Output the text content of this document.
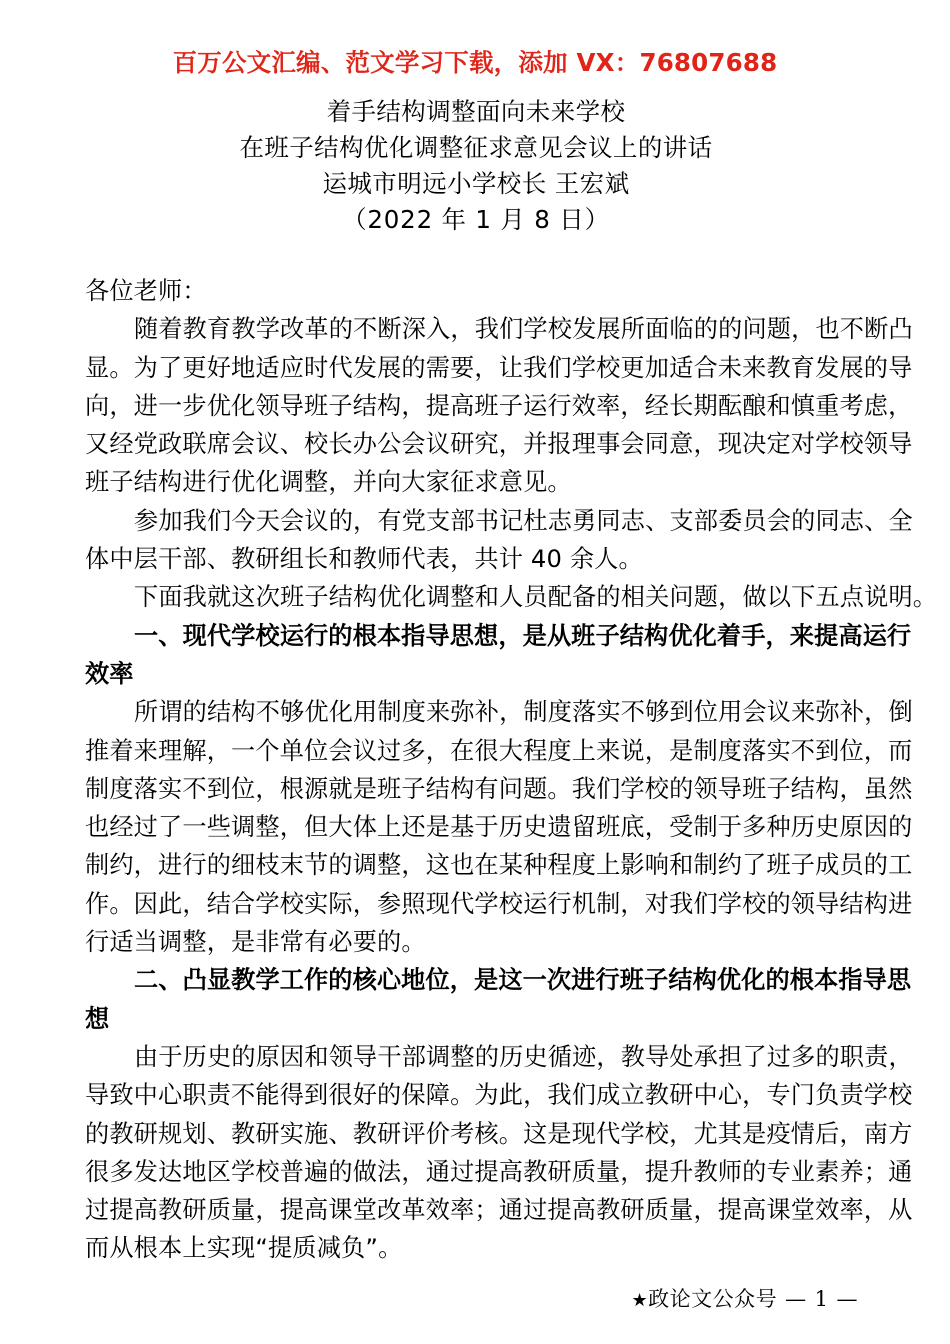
百万公文汇编、范文学习下载，添加 VX：76807688
着手结构调整面向未来学校
在班子结构优化调整征求意见会议上的讲话
运城市明远小学校长 王宏斌
（2022 年 1 月 8 日）
各位老师：
随着教育教学改革的不断深入，我们学校发展所面临的的问题，也不断凸
显。为了更好地适应时代发展的需要，让我们学校更加适合未来教育发展的导
向，进一步优化领导班子结构，提高班子运行效率，经长期酝酿和慎重考虑，
又经党政联席会议、校长办公会议研究，并报理事会同意，现决定对学校领导
班子结构进行优化调整，并向大家征求意见。
参加我们今天会议的，有党支部书记杜志勇同志、支部委员会的同志、全
体中层干部、教研组长和教师代表，共计 40 余人。
下面我就这次班子结构优化调整和人员配备的相关问题，做以下五点说明。
一、现代学校运行的根本指导思想，是从班子结构优化着手，来提高运行
效率
所谓的结构不够优化用制度来弥补，制度落实不够到位用会议来弥补，倒
推着来理解，一个单位会议过多，在很大程度上来说，是制度落实不到位，而
制度落实不到位，根源就是班子结构有问题。我们学校的领导班子结构，虽然
也经过了一些调整，但大体上还是基于历史遗留班底，受制于多种历史原因的
制约，进行的细枝末节的调整，这也在某种程度上影响和制约了班子成员的工
作。因此，结合学校实际，参照现代学校运行机制，对我们学校的领导结构进
行适当调整，是非常有必要的。
二、凸显教学工作的核心地位，是这一次进行班子结构优化的根本指导思
想
由于历史的原因和领导干部调整的历史循迹，教导处承担了过多的职责，
导致中心职责不能得到很好的保障。为此，我们成立教研中心，专门负责学校
的教研规划、教研实施、教研评价考核。这是现代学校，尤其是疫情后，南方
很多发达地区学校普遍的做法，通过提高教研质量，提升教师的专业素养；通
过提高教研质量，提高课堂改革效率；通过提高教研质量，提高课堂效率，从
而从根本上实现“提质减负”。
★政论文公众号 — 1 —
